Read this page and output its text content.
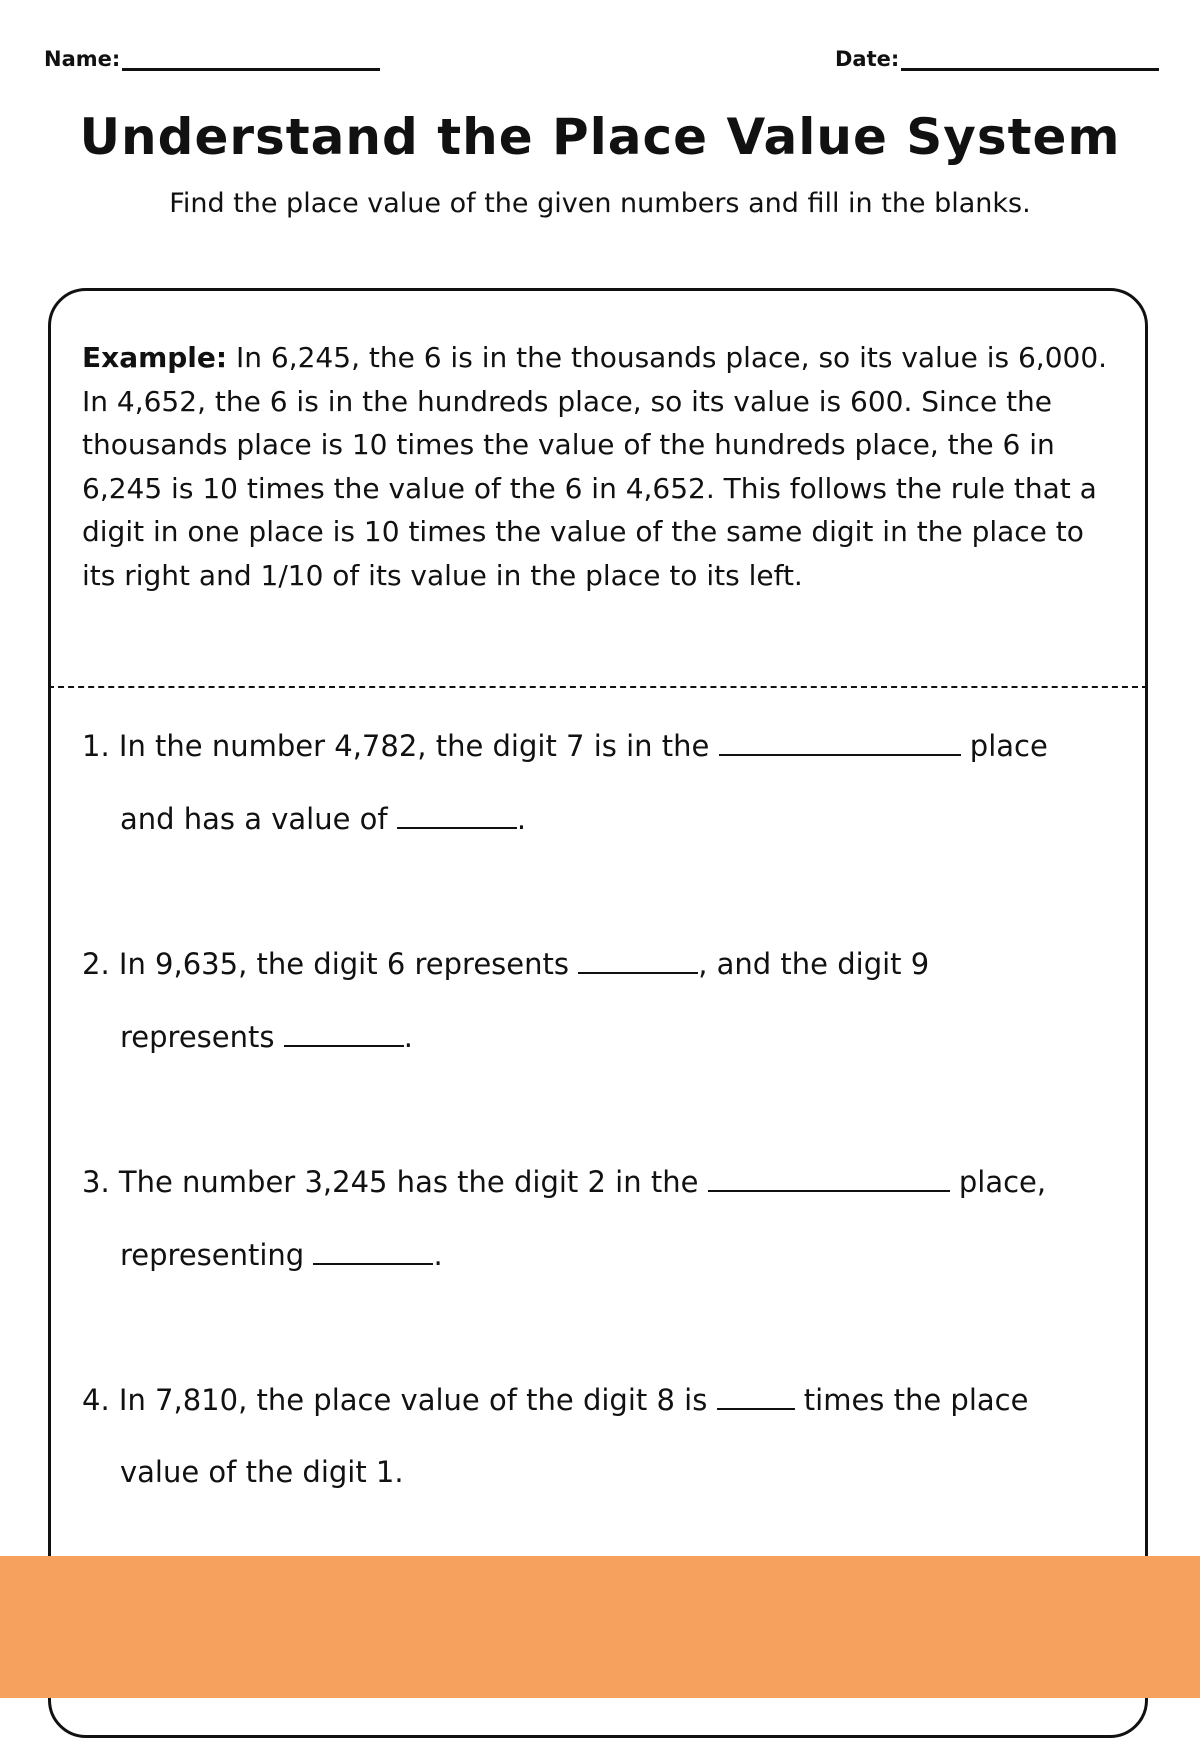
Name:	Date:
Understand the Place Value System

Find the place value of the given numbers and fill in the blanks.

Example: In 6,245, the 6 is in the thousands place, so its value is 6,000. In 4,652, the 6 is in the hundreds place, so its value is 600. Since the thousands place is 10 times the value of the hundreds place, the 6 in 6,245 is 10 times the value of the 6 in 4,652. This follows the rule that a digit in one place is 10 times the value of the same digit in the place to its right and 1/10 of its value in the place to its left.

1. In the number 4,782, the digit 7 is in the	place
and has a value of	.
2. In 9,635, the digit 6 represents	, and the digit 9
represents	.
3. The number 3,245 has the digit 2 in the	place,
representing	.
4. In 7,810, the place value of the digit 8 is	times the place
value of the digit 1.
